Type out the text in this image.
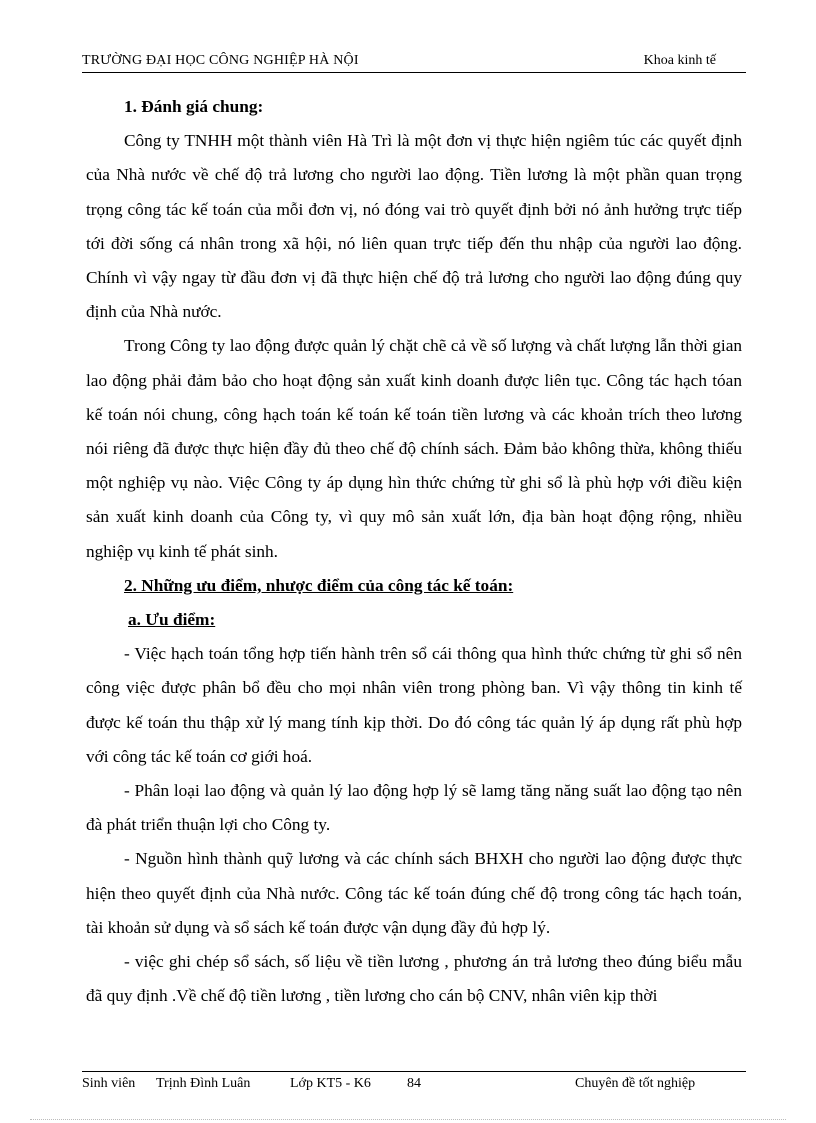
TRƯỜNG ĐẠI HỌC CÔNG NGHIỆP HÀ NỘI	Khoa kinh tế

1. Đánh giá chung:

Công ty TNHH một thành viên Hà Trì là một đơn vị thực hiện ngiêm túc các quyết định của Nhà nước về chế độ trả lương cho người lao động. Tiền lương là một phần quan trọng trọng công tác kế toán của mỗi đơn vị, nó đóng vai trò quyết định bởi nó ảnh hưởng trực tiếp tới đời sống cá nhân trong xã hội, nó liên quan trực tiếp đến thu nhập của người lao động. Chính vì vậy ngay từ đầu đơn vị đã thực hiện chế độ trả lương cho người lao động đúng quy định của Nhà nước.

Trong Công ty lao động được quản lý chặt chẽ cả về số lượng và chất lượng lẫn thời gian lao động phải đảm bảo cho hoạt động sản xuất kinh doanh được liên tục. Công tác hạch tóan kế toán nói chung, công hạch toán kế toán kế toán tiền lương và các khoản trích theo lương nói riêng đã được thực hiện đầy đủ theo chế độ chính sách. Đảm bảo không thừa, không thiếu một nghiệp vụ nào. Việc Công ty áp dụng hìn thức chứng từ ghi sổ là phù hợp với điều kiện sản xuất kinh doanh của Công ty, vì quy mô sản xuất lớn, địa bàn hoạt động rộng, nhiều nghiệp vụ kinh tế phát sinh.

2. Những ưu điểm, nhược điểm của công tác kế toán:

a. Ưu điểm:

- Việc hạch toán tổng hợp tiến hành trên sổ cái thông qua hình thức chứng từ ghi sổ nên công việc được phân bổ đều cho mọi nhân viên trong phòng ban. Vì vậy thông tin kinh tế được kế toán thu thập xử lý mang tính kịp thời. Do đó công tác quản lý áp dụng rất phù hợp với công tác kế toán cơ giới hoá.

- Phân loại lao động và quản lý lao động hợp lý sẽ lamg tăng năng suất lao động tạo nên đà phát triển thuận lợi cho Công ty.

- Nguồn hình thành quỹ lương và các chính sách BHXH cho người lao động được thực hiện theo quyết định của Nhà nước. Công tác kế toán đúng chế độ trong công tác hạch toán, tài khoản sử dụng và sổ sách kế toán được vận dụng đầy đủ hợp lý.

- việc ghi chép sổ sách, số liệu về tiền lương , phương án trả lương theo đúng biểu mẫu đã quy định .Về chế độ tiền lương , tiền lương cho cán bộ CNV, nhân viên kịp thời

Sinh viên Trịnh Đình Luân	Lớp KT5 - K6	84	Chuyên đề tốt nghiệp
